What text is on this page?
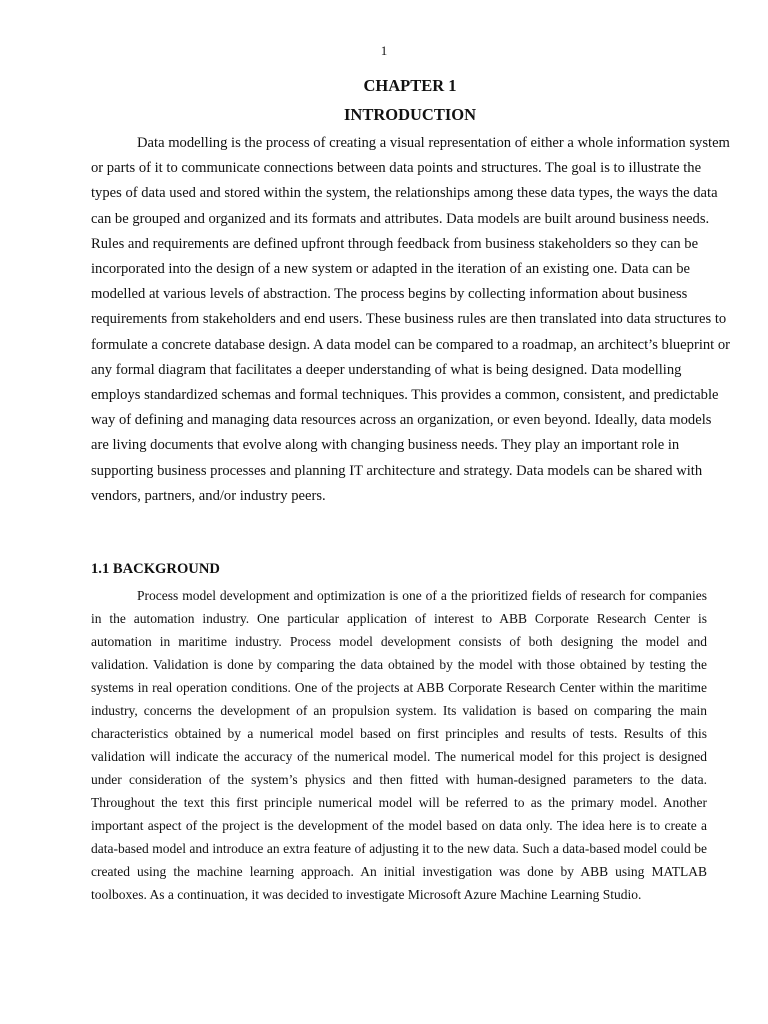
1
CHAPTER 1
INTRODUCTION

Data modelling is the process of creating a visual representation of either a whole information system or parts of it to communicate connections between data points and structures. The goal is to illustrate the types of data used and stored within the system, the relationships among these data types, the ways the data can be grouped and organized and its formats and attributes. Data models are built around business needs. Rules and requirements are defined upfront through feedback from business stakeholders so they can be incorporated into the design of a new system or adapted in the iteration of an existing one. Data can be modelled at various levels of abstraction. The process begins by collecting information about business requirements from stakeholders and end users. These business rules are then translated into data structures to formulate a concrete database design. A data model can be compared to a roadmap, an architect’s blueprint or any formal diagram that facilitates a deeper understanding of what is being designed. Data modelling employs standardized schemas and formal techniques. This provides a common, consistent, and predictable way of defining and managing data resources across an organization, or even beyond. Ideally, data models are living documents that evolve along with changing business needs. They play an important role in supporting business processes and planning IT architecture and strategy. Data models can be shared with vendors, partners, and/or industry peers.

1.1 BACKGROUND

Process model development and optimization is one of a the prioritized fields of research for companies in the automation industry. One particular application of interest to ABB Corporate Research Center is automation in maritime industry. Process model development consists of both designing the model and validation. Validation is done by comparing the data obtained by the model with those obtained by testing the systems in real operation conditions. One of the projects at ABB Corporate Research Center within the maritime industry, concerns the development of an propulsion system. Its validation is based on comparing the main characteristics obtained by a numerical model based on first principles and results of tests. Results of this validation will indicate the accuracy of the numerical model. The numerical model for this project is designed under consideration of the system’s physics and then fitted with human-designed parameters to the data. Throughout the text this first principle numerical model will be referred to as the primary model. Another important aspect of the project is the development of the model based on data only. The idea here is to create a data-based model and introduce an extra feature of adjusting it to the new data. Such a data-based model could be created using the machine learning approach. An initial investigation was done by ABB using MATLAB toolboxes. As a continuation, it was decided to investigate Microsoft Azure Machine Learning Studio.
